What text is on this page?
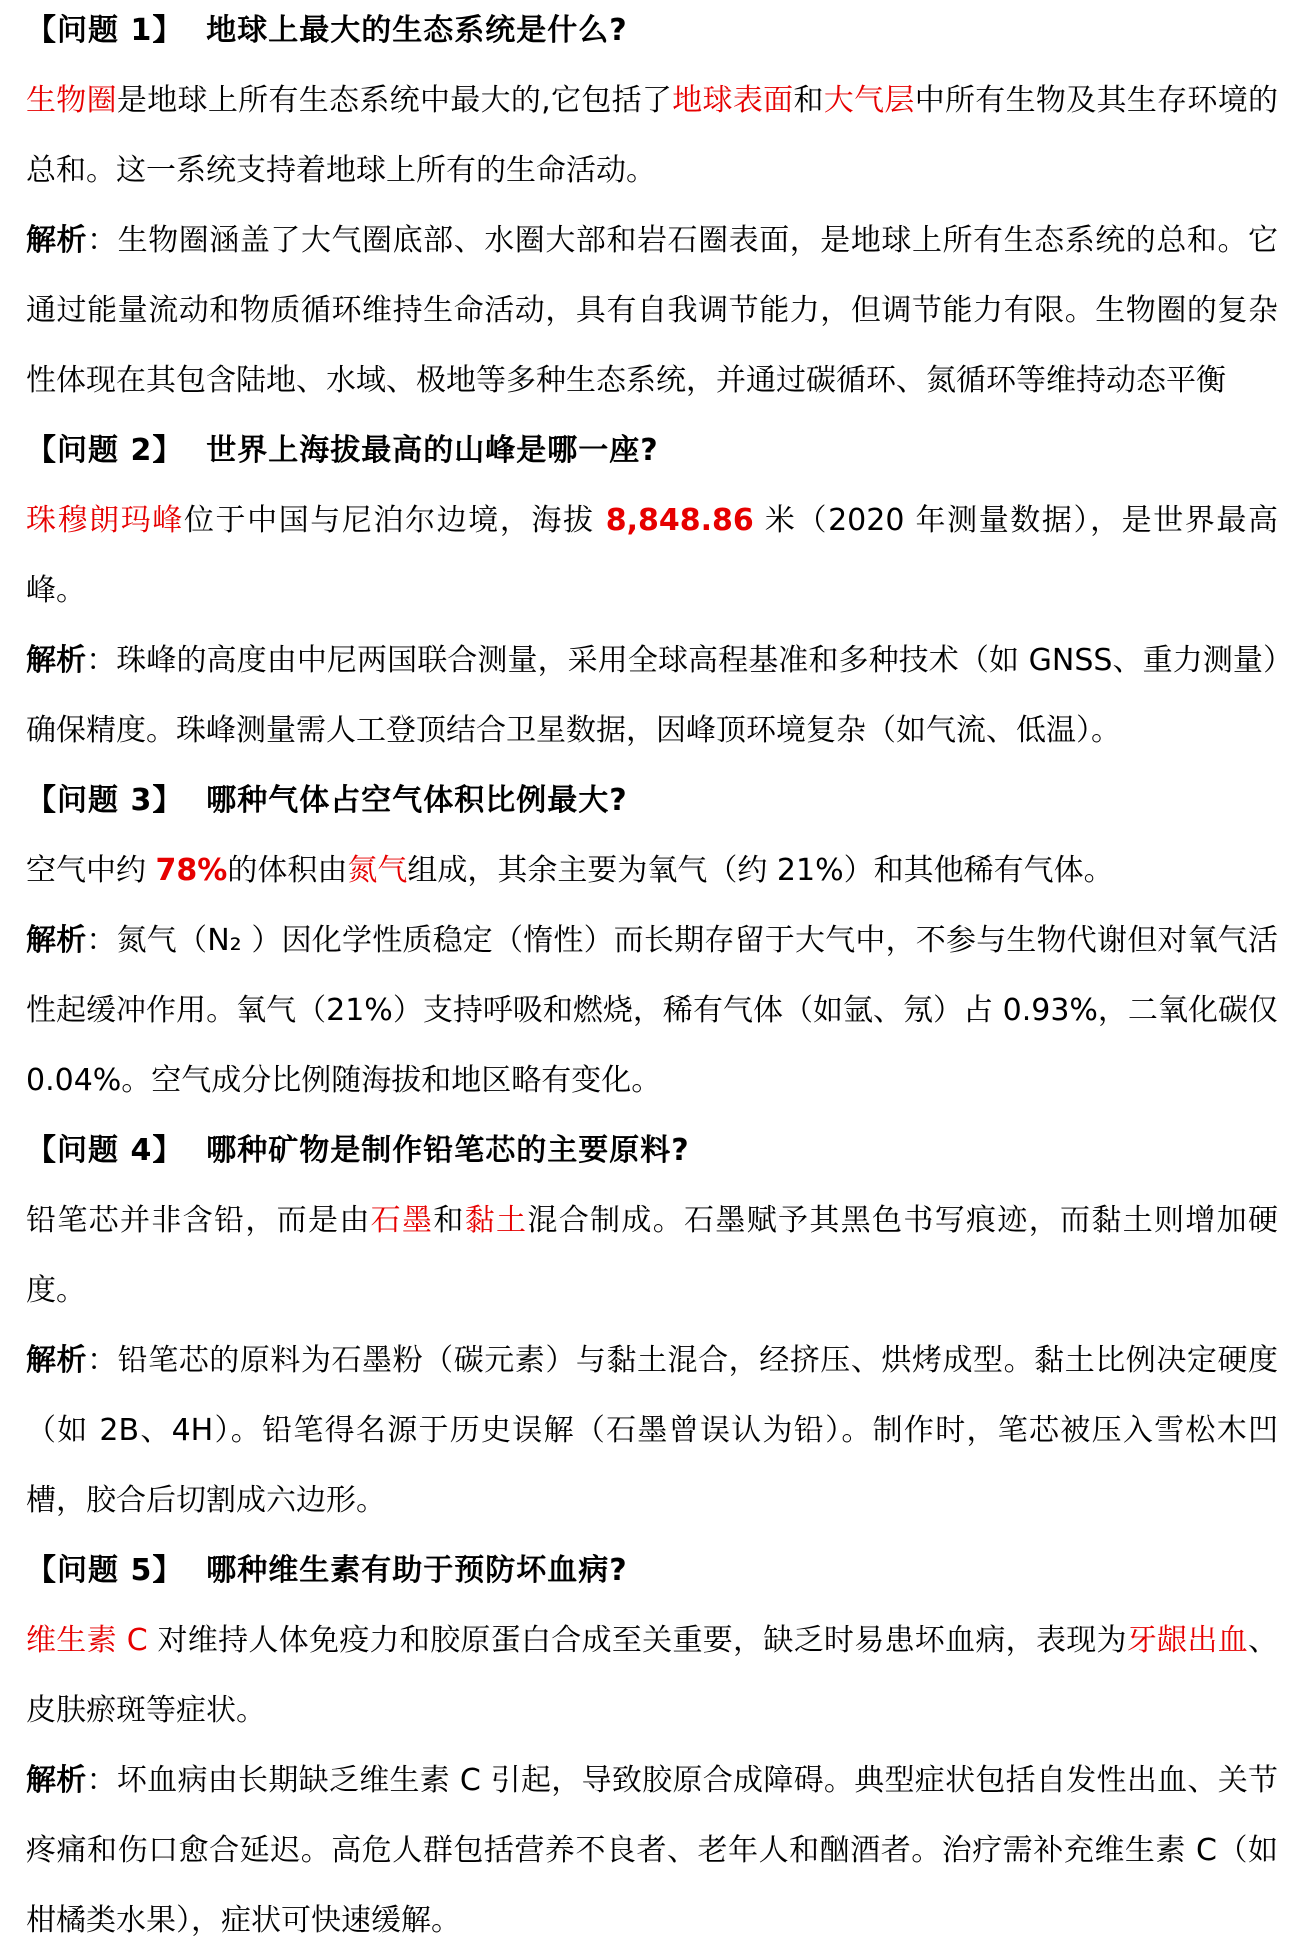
【问题 1】 地球上最大的生态系统是什么?

生物圈是地球上所有生态系统中最大的,它包括了地球表面和大气层中所有生物及其生存环境的总和。这一系统支持着地球上所有的生命活动。

解析：生物圈涵盖了大气圈底部、水圈大部和岩石圈表面，是地球上所有生态系统的总和。它通过能量流动和物质循环维持生命活动，具有自我调节能力，但调节能力有限。生物圈的复杂性体现在其包含陆地、水域、极地等多种生态系统，并通过碳循环、氮循环等维持动态平衡

【问题 2】 世界上海拔最高的山峰是哪一座?

珠穆朗玛峰位于中国与尼泊尔边境，海拔 8,848.86 米（2020 年测量数据），是世界最高峰。

解析：珠峰的高度由中尼两国联合测量，采用全球高程基准和多种技术（如 GNSS、重力测量）确保精度。珠峰测量需人工登顶结合卫星数据，因峰顶环境复杂（如气流、低温）。

【问题 3】 哪种气体占空气体积比例最大?

空气中约 78%的体积由氮气组成，其余主要为氧气（约 21%）和其他稀有气体。

解析：氮气（N₂ ）因化学性质稳定（惰性）而长期存留于大气中，不参与生物代谢但对氧气活性起缓冲作用。氧气（21%）支持呼吸和燃烧，稀有气体（如氩、氖）占 0.93%，二氧化碳仅 0.04%。空气成分比例随海拔和地区略有变化。

【问题 4】 哪种矿物是制作铅笔芯的主要原料?

铅笔芯并非含铅，而是由石墨和黏土混合制成。石墨赋予其黑色书写痕迹，而黏土则增加硬度。

解析：铅笔芯的原料为石墨粉（碳元素）与黏土混合，经挤压、烘烤成型。黏土比例决定硬度（如 2B、4H）。铅笔得名源于历史误解（石墨曾误认为铅）。制作时，笔芯被压入雪松木凹槽，胶合后切割成六边形。

【问题 5】 哪种维生素有助于预防坏血病?

维生素 C 对维持人体免疫力和胶原蛋白合成至关重要，缺乏时易患坏血病，表现为牙龈出血、皮肤瘀斑等症状。

解析：坏血病由长期缺乏维生素 C 引起，导致胶原合成障碍。典型症状包括自发性出血、关节疼痛和伤口愈合延迟。高危人群包括营养不良者、老年人和酗酒者。治疗需补充维生素 C（如柑橘类水果），症状可快速缓解。
